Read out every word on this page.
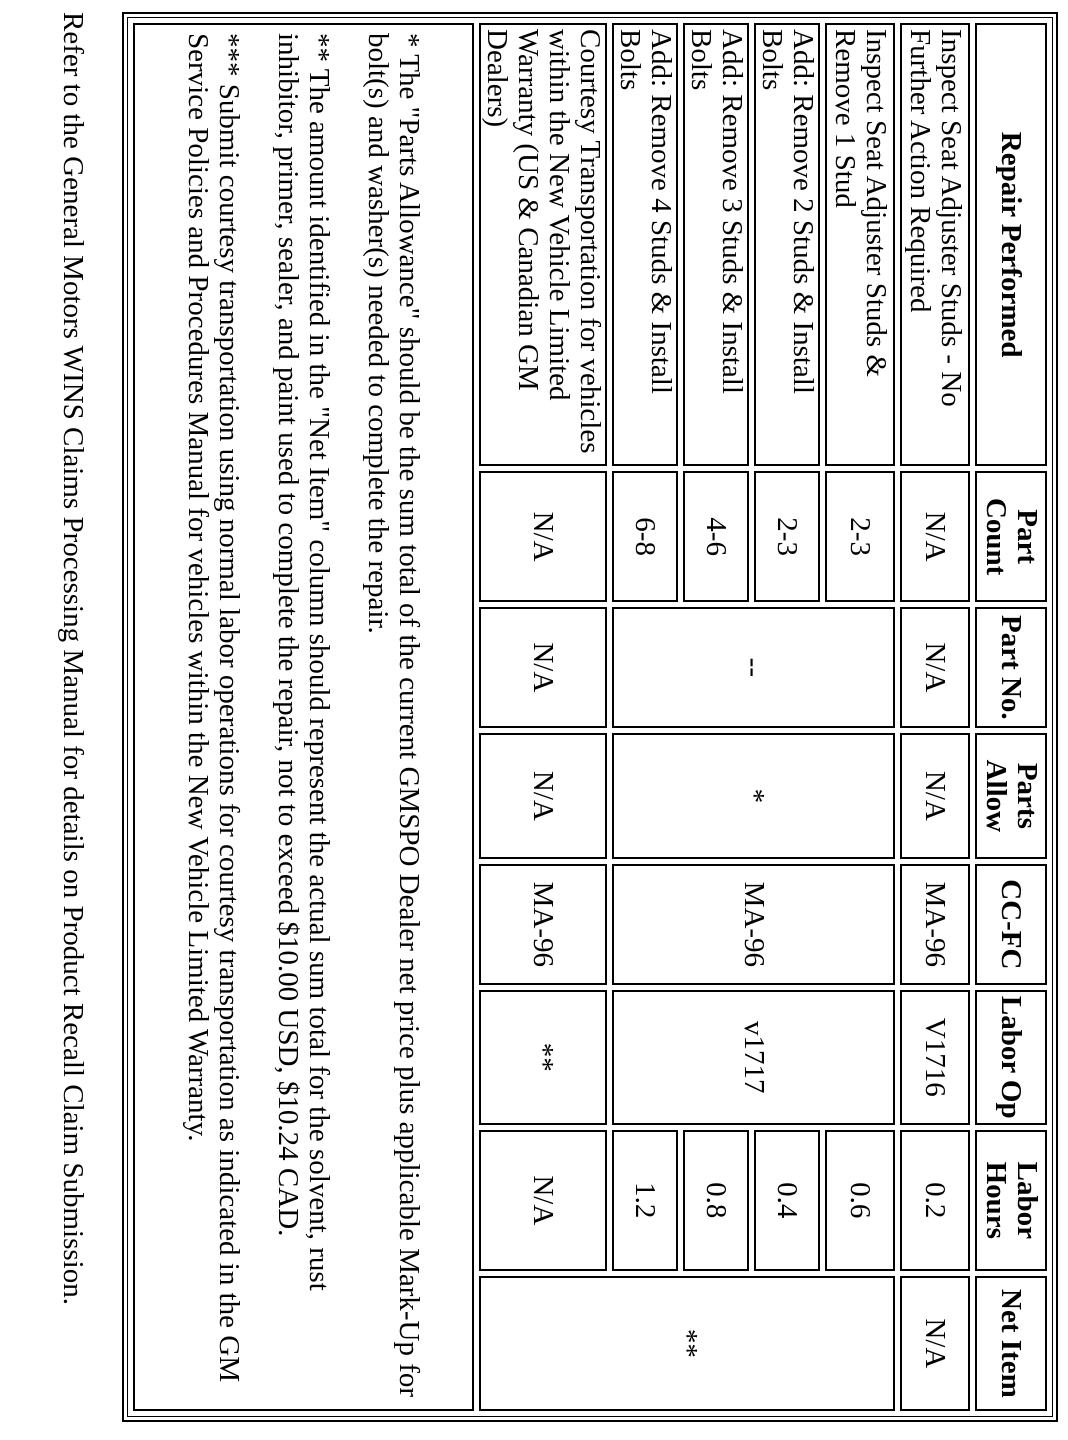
Repair Performed	Part Count	Part No.	Parts Allow	CC-FC	Labor Op	Labor Hours	Net Item
Inspect Seat Adjuster Studs - No Further Action Required	N/A	N/A	N/A	MA-96	V1716	0.2	N/A
Inspect Seat Adjuster Studs & Remove 1 Stud	2-3	--	*	MA-96	v1717	0.6	**
Add: Remove 2 Studs & Install Bolts	2-3					0.4	
Add: Remove 3 Studs & Install Bolts	4-6					0.8	
Add: Remove 4 Studs & Install Bolts	6-8					1.2	
Courtesy Transportation for vehicles within the New Vehicle Limited Warranty (US & Canadian GM Dealers)	N/A	N/A	N/A	MA-96	**	N/A	

* The "Parts Allowance" should be the sum total of the current GMSPO Dealer net price plus applicable Mark-Up for bolt(s) and washer(s) needed to complete the repair.
** The amount identified in the "Net Item" column should represent the actual sum total for the solvent, rust inhibitor, primer, sealer, and paint used to complete the repair, not to exceed $10.00 USD, $10.24 CAD.
*** Submit courtesy transportation using normal labor operations for courtesy transportation as indicated in the GM Service Policies and Procedures Manual for vehicles within the New Vehicle Limited Warranty.							
Refer to the General Motors WINS Claims Processing Manual for details on Product Recall Claim Submission.
